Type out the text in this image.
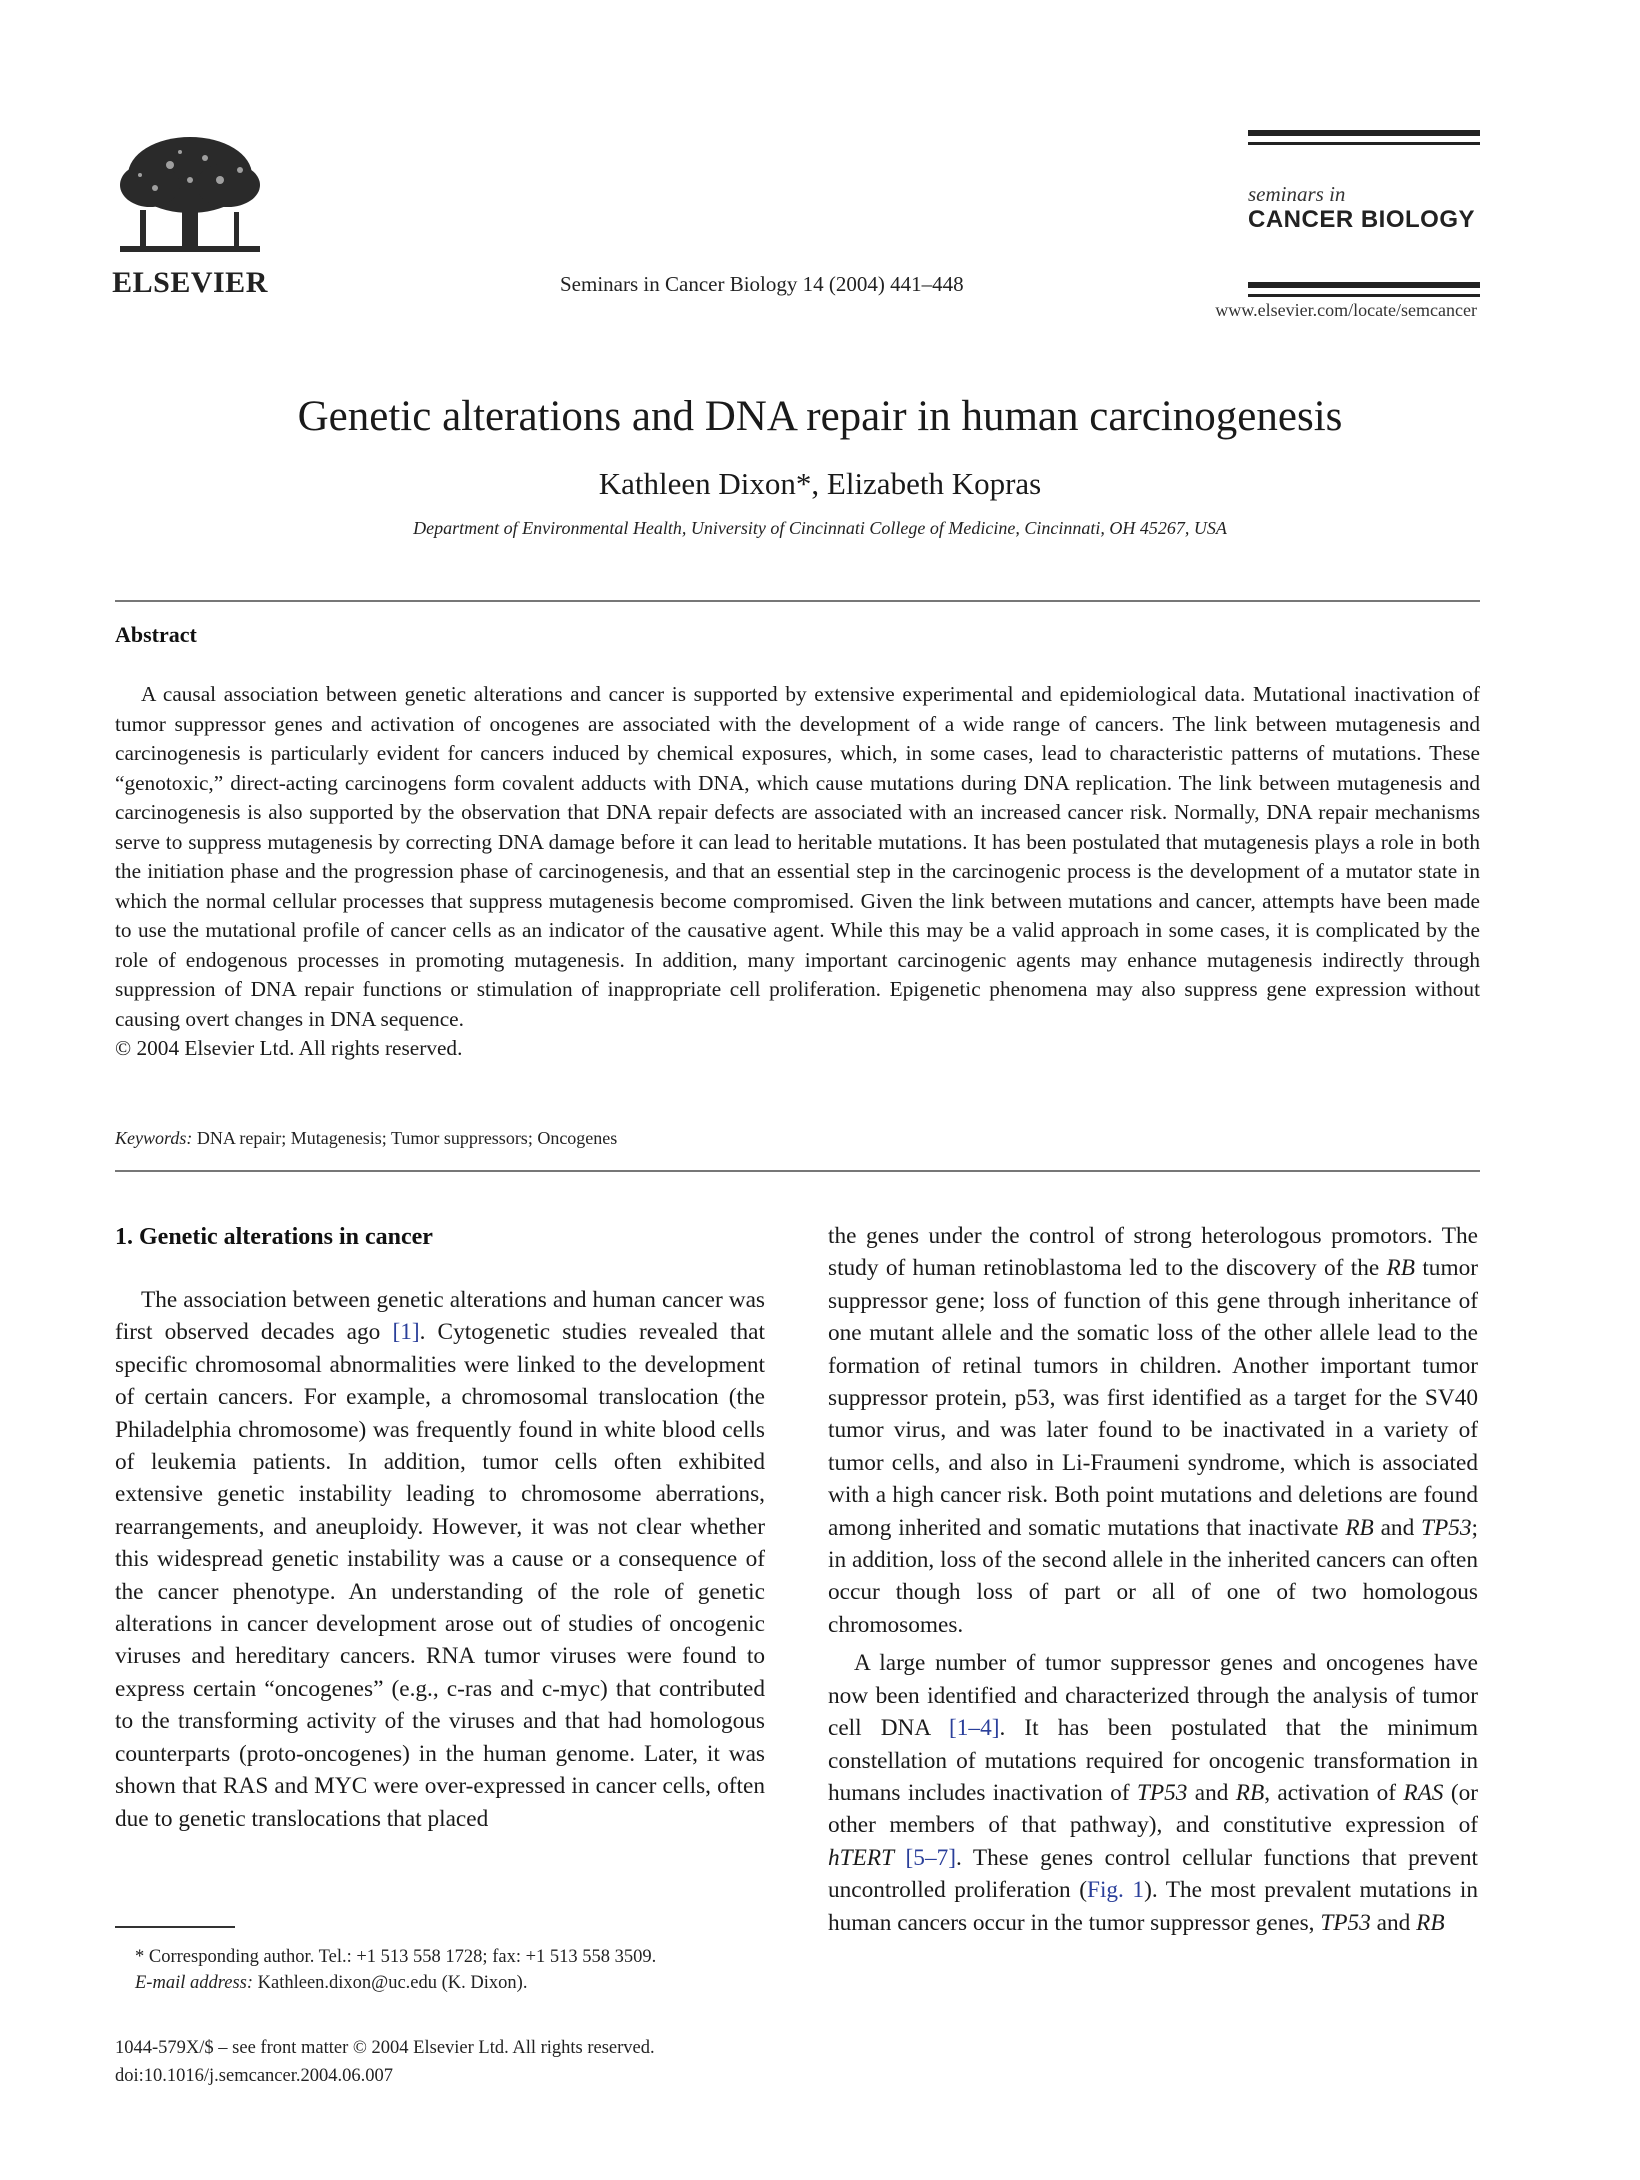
ELSEVIER	Seminars in Cancer Biology 14 (2004) 441–448
seminars in
CANCER BIOLOGY
www.elsevier.com/locate/semcancer
Genetic alterations and DNA repair in human carcinogenesis
Kathleen Dixon*, Elizabeth Kopras
Department of Environmental Health, University of Cincinnati College of Medicine, Cincinnati, OH 45267, USA
Abstract

A causal association between genetic alterations and cancer is supported by extensive experimental and epidemiological data. Mutational inactivation of tumor suppressor genes and activation of oncogenes are associated with the development of a wide range of cancers. The link between mutagenesis and carcinogenesis is particularly evident for cancers induced by chemical exposures, which, in some cases, lead to characteristic patterns of mutations. These “genotoxic,” direct-acting carcinogens form covalent adducts with DNA, which cause mutations during DNA replication. The link between mutagenesis and carcinogenesis is also supported by the observation that DNA repair defects are associated with an increased cancer risk. Normally, DNA repair mechanisms serve to suppress mutagenesis by correcting DNA damage before it can lead to heritable mutations. It has been postulated that mutagenesis plays a role in both the initiation phase and the progression phase of carcinogenesis, and that an essential step in the carcinogenic process is the development of a mutator state in which the normal cellular processes that suppress mutagenesis become compromised. Given the link between mutations and cancer, attempts have been made to use the mutational profile of cancer cells as an indicator of the causative agent. While this may be a valid approach in some cases, it is complicated by the role of endogenous processes in promoting mutagenesis. In addition, many important carcinogenic agents may enhance mutagenesis indirectly through suppression of DNA repair functions or stimulation of inappropriate cell proliferation. Epigenetic phenomena may also suppress gene expression without causing overt changes in DNA sequence.
© 2004 Elsevier Ltd. All rights reserved.

Keywords: DNA repair; Mutagenesis; Tumor suppressors; Oncogenes
1. Genetic alterations in cancer

The association between genetic alterations and human cancer was first observed decades ago [1]. Cytogenetic studies revealed that specific chromosomal abnormalities were linked to the development of certain cancers. For example, a chromosomal translocation (the Philadelphia chromosome) was frequently found in white blood cells of leukemia patients. In addition, tumor cells often exhibited extensive genetic instability leading to chromosome aberrations, rearrangements, and aneuploidy. However, it was not clear whether this widespread genetic instability was a cause or a consequence of the cancer phenotype. An understanding of the role of genetic alterations in cancer development arose out of studies of oncogenic viruses and hereditary cancers. RNA tumor viruses were found to express certain “oncogenes” (e.g., c-ras and c-myc) that contributed to the transforming activity of the viruses and that had homologous counterparts (proto-oncogenes) in the human genome. Later, it was shown that RAS and MYC were over-expressed in cancer cells, often due to genetic translocations that placed

the genes under the control of strong heterologous promotors. The study of human retinoblastoma led to the discovery of the RB tumor suppressor gene; loss of function of this gene through inheritance of one mutant allele and the somatic loss of the other allele lead to the formation of retinal tumors in children. Another important tumor suppressor protein, p53, was first identified as a target for the SV40 tumor virus, and was later found to be inactivated in a variety of tumor cells, and also in Li-Fraumeni syndrome, which is associated with a high cancer risk. Both point mutations and deletions are found among inherited and somatic mutations that inactivate RB and TP53; in addition, loss of the second allele in the inherited cancers can often occur though loss of part or all of one of two homologous chromosomes.

A large number of tumor suppressor genes and oncogenes have now been identified and characterized through the analysis of tumor cell DNA [1–4]. It has been postulated that the minimum constellation of mutations required for oncogenic transformation in humans includes inactivation of TP53 and RB, activation of RAS (or other members of that pathway), and constitutive expression of hTERT [5–7]. These genes control cellular functions that prevent uncontrolled proliferation (Fig. 1). The most prevalent mutations in human cancers occur in the tumor suppressor genes, TP53 and RB

* Corresponding author. Tel.: +1 513 558 1728; fax: +1 513 558 3509.
E-mail address: Kathleen.dixon@uc.edu (K. Dixon).
1044-579X/$ – see front matter © 2004 Elsevier Ltd. All rights reserved.
doi:10.1016/j.semcancer.2004.06.007
